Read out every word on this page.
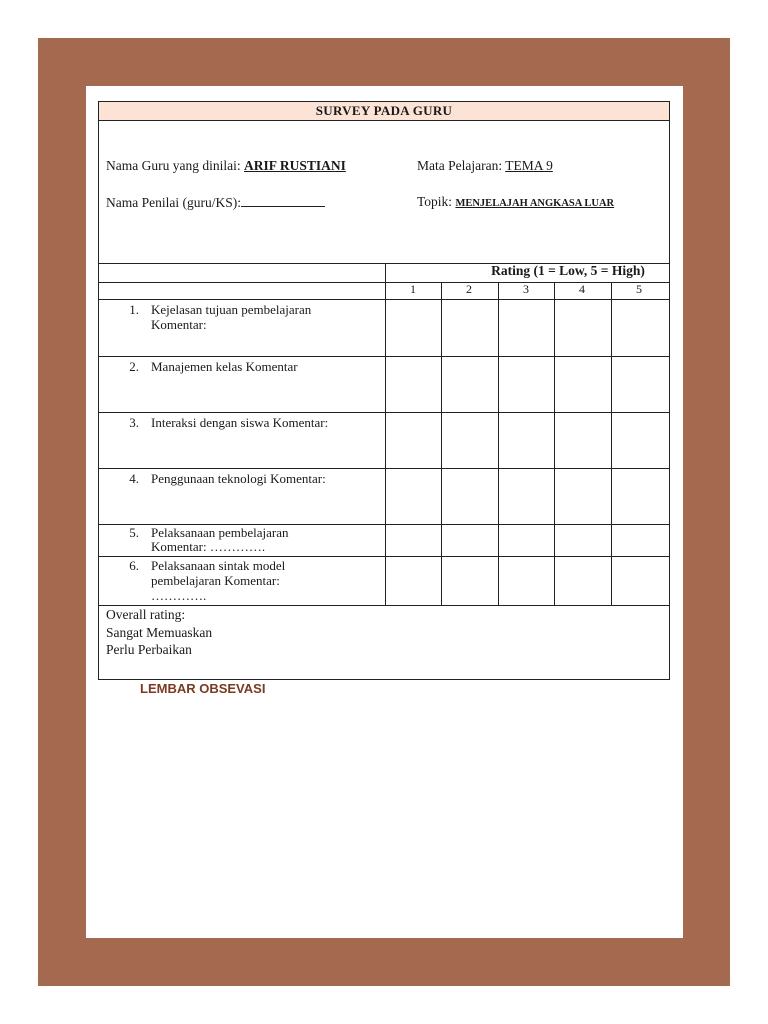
SURVEY PADA GURU
Nama Guru yang dinilai: ARIF RUSTIANI	Mata Pelajaran: TEMA 9
Nama Penilai (guru/KS):	Topik: MENJELAJAH ANGKASA LUAR
Rating (1 = Low, 5 = High)
1	2	3	4	5
1. Kejelasan tujuan pembelajaran Komentar:
2. Manajemen kelas Komentar
3. Interaksi dengan siswa Komentar:
4. Penggunaan teknologi Komentar:
5. Pelaksanaan pembelajaran Komentar: ………….
6. Pelaksanaan sintak model pembelajaran Komentar: ………….
Overall rating:
Sangat Memuaskan
Perlu Perbaikan
LEMBAR OBSEVASI
